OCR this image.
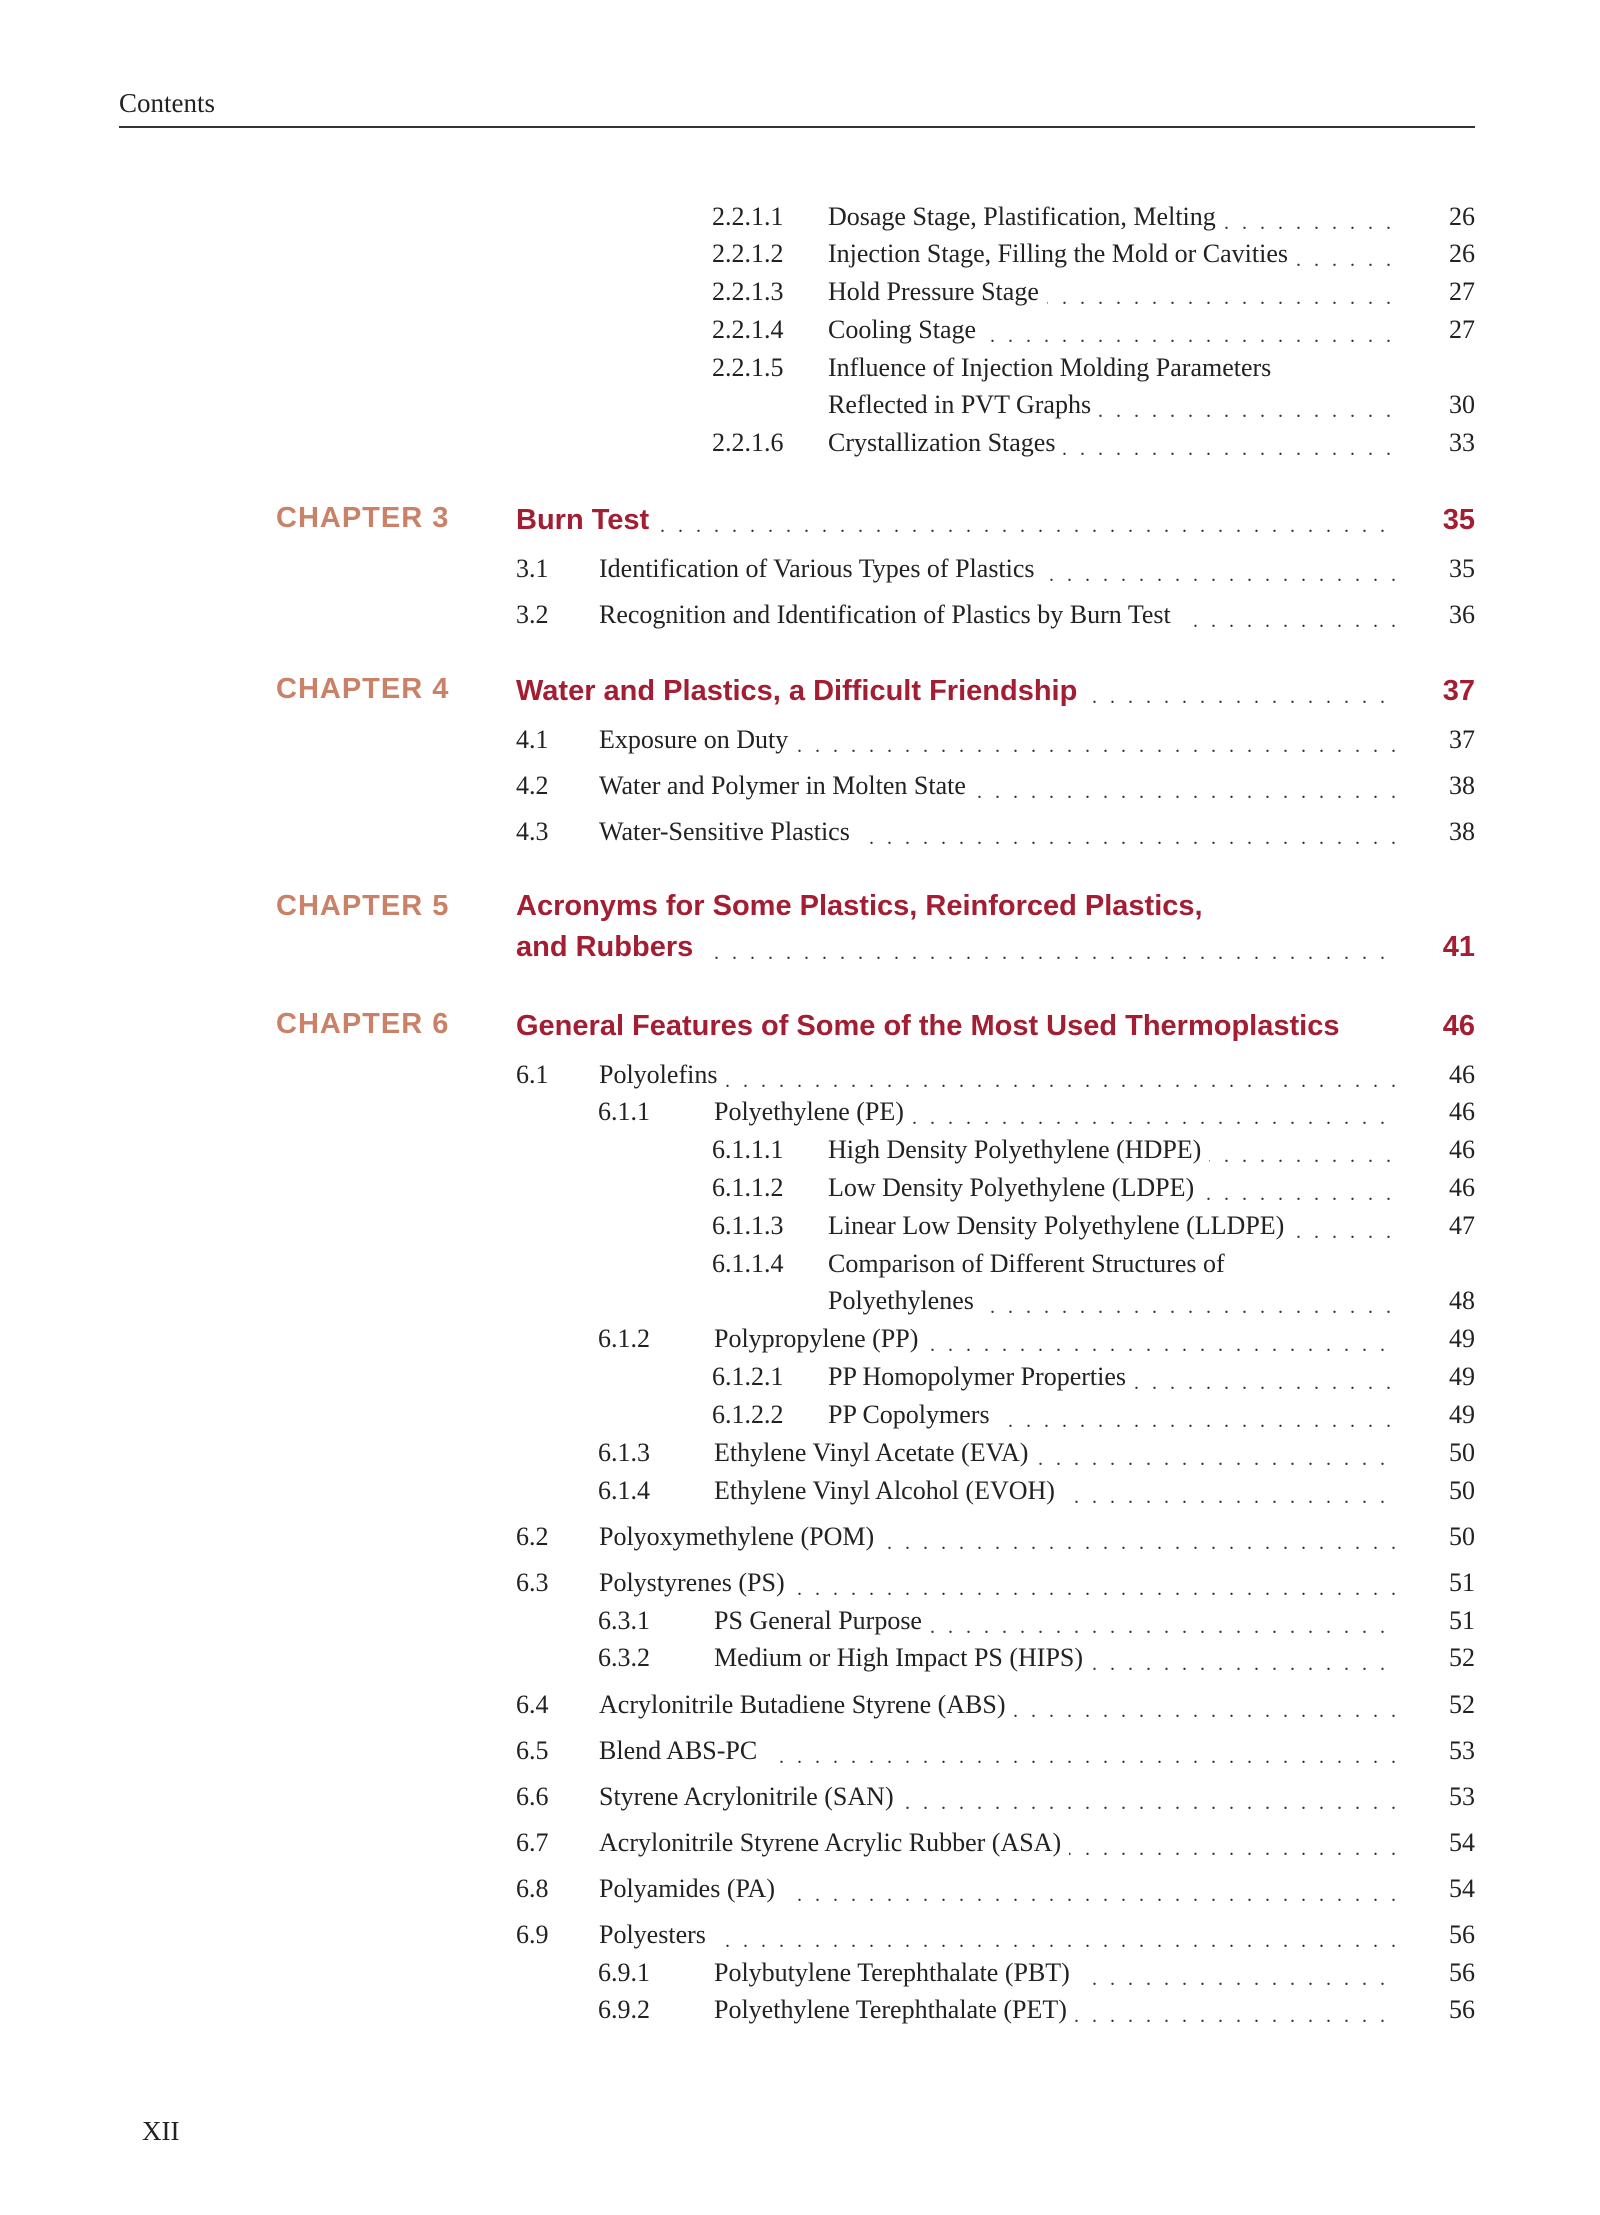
Contents
2.2.1.1 Dosage Stage, Plastification, Melting . . .	26
2.2.1.2 Injection Stage, Filling the Mold or Cavities . . .	26
2.2.1.3 Hold Pressure Stage . . .	27
2.2.1.4 Cooling Stage . . .	27
2.2.1.5 Influence of Injection Molding Parameters
Reflected in PVT Graphs . . .	30
2.2.1.6 Crystallization Stages . . .	33
CHAPTER 3 Burn Test . . .	35
3.1 Identification of Various Types of Plastics . . .	35
3.2 Recognition and Identification of Plastics by Burn Test . . .	36
CHAPTER 4 Water and Plastics, a Difficult Friendship . . .	37
4.1 Exposure on Duty . . .	37
4.2 Water and Polymer in Molten State . . .	38
4.3 Water-Sensitive Plastics . . .	38
CHAPTER 5 Acronyms for Some Plastics, Reinforced Plastics,
and Rubbers . . .	41
CHAPTER 6 General Features of Some of the Most Used Thermoplastics	46
6.1 Polyolefins . . .	46
6.1.1 Polyethylene (PE) . . .	46
6.1.1.1 High Density Polyethylene (HDPE) . . .	46
6.1.1.2 Low Density Polyethylene (LDPE) . . .	46
6.1.1.3 Linear Low Density Polyethylene (LLDPE) . . .	47
6.1.1.4 Comparison of Different Structures of
Polyethylenes . . .	48
6.1.2 Polypropylene (PP) . . .	49
6.1.2.1 PP Homopolymer Properties . . .	49
6.1.2.2 PP Copolymers . . .	49
6.1.3 Ethylene Vinyl Acetate (EVA) . . .	50
6.1.4 Ethylene Vinyl Alcohol (EVOH) . . .	50
6.2 Polyoxymethylene (POM) . . .	50
6.3 Polystyrenes (PS) . . .	51
6.3.1 PS General Purpose . . .	51
6.3.2 Medium or High Impact PS (HIPS) . . .	52
6.4 Acrylonitrile Butadiene Styrene (ABS) . . .	52
6.5 Blend ABS-PC . . .	53
6.6 Styrene Acrylonitrile (SAN) . . .	53
6.7 Acrylonitrile Styrene Acrylic Rubber (ASA) . . .	54
6.8 Polyamides (PA) . . .	54
6.9 Polyesters . . .	56
6.9.1 Polybutylene Terephthalate (PBT) . . .	56
6.9.2 Polyethylene Terephthalate (PET) . . .	56
XII
